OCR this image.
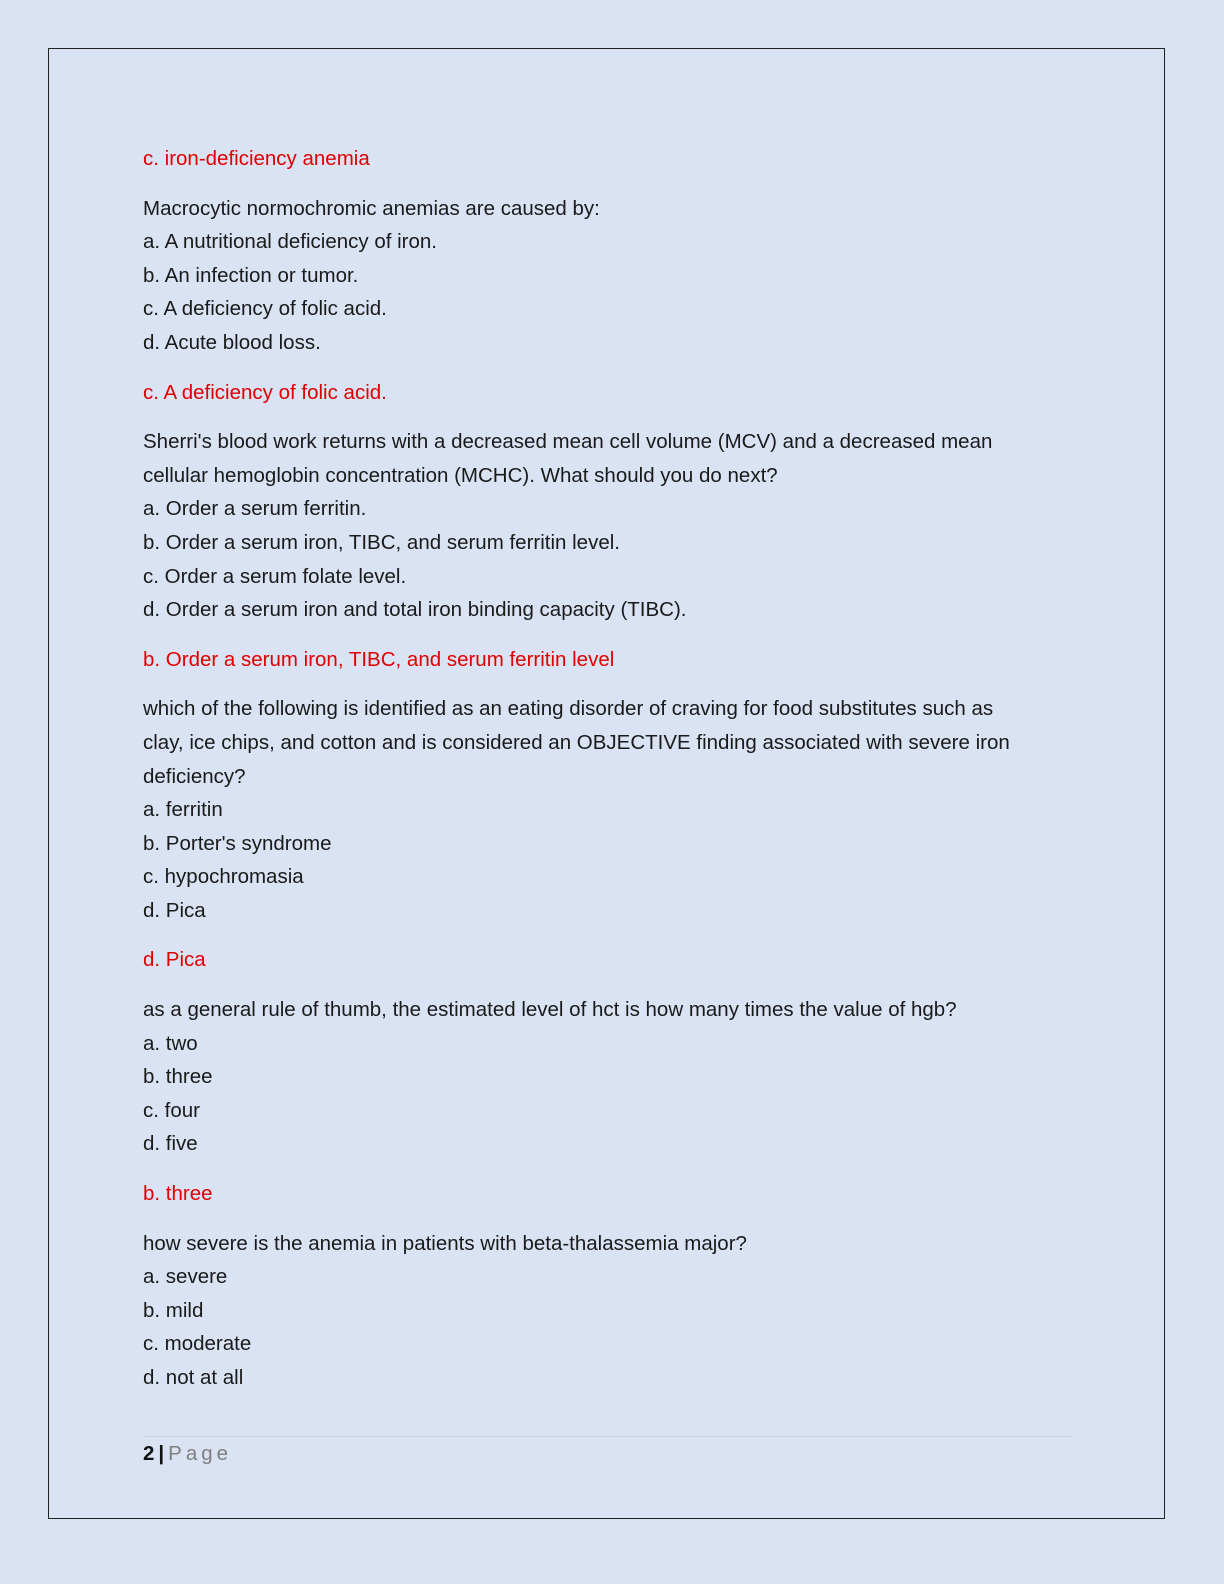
c. iron-deficiency anemia
Macrocytic normochromic anemias are caused by:
a. A nutritional deficiency of iron.
b. An infection or tumor.
c. A deficiency of folic acid.
d. Acute blood loss.
c. A deficiency of folic acid.
Sherri's blood work returns with a decreased mean cell volume (MCV) and a decreased mean
cellular hemoglobin concentration (MCHC). What should you do next?
a. Order a serum ferritin.
b. Order a serum iron, TIBC, and serum ferritin level.
c. Order a serum folate level.
d. Order a serum iron and total iron binding capacity (TIBC).
b. Order a serum iron, TIBC, and serum ferritin level
which of the following is identified as an eating disorder of craving for food substitutes such as
clay, ice chips, and cotton and is considered an OBJECTIVE finding associated with severe iron
deficiency?
a. ferritin
b. Porter's syndrome
c. hypochromasia
d. Pica
d. Pica
as a general rule of thumb, the estimated level of hct is how many times the value of hgb?
a. two
b. three
c. four
d. five
b. three
how severe is the anemia in patients with beta-thalassemia major?
a. severe
b. mild
c. moderate
d. not at all
2 | Page
